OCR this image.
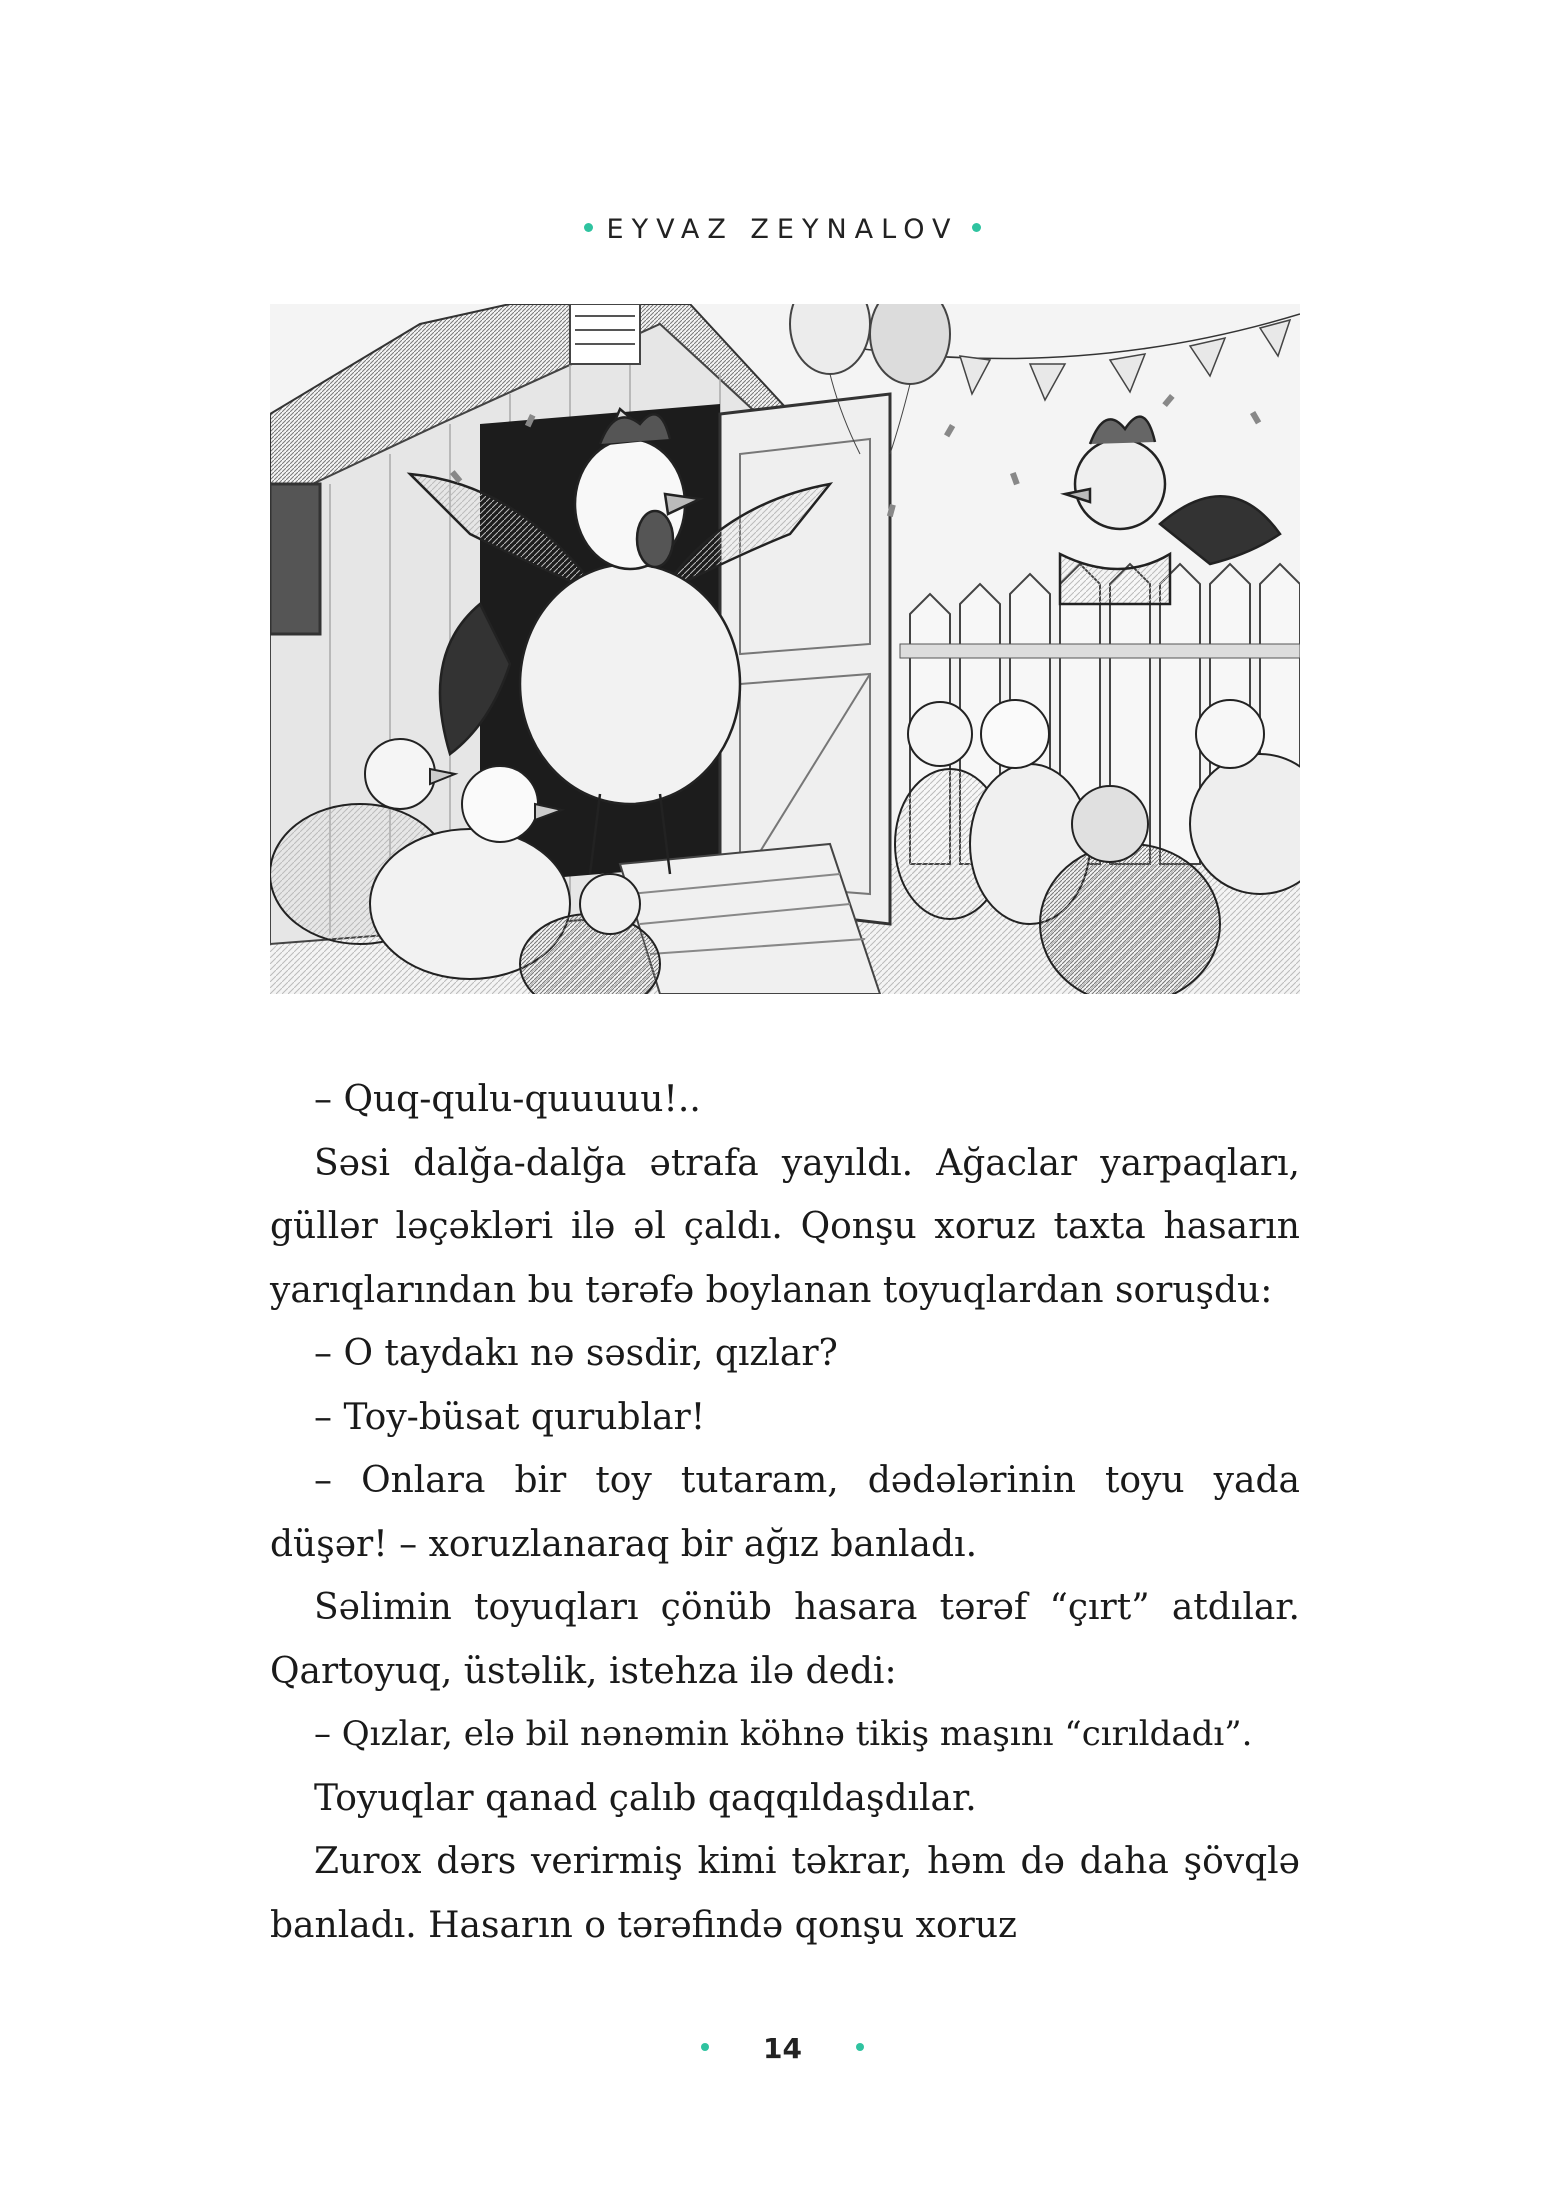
EYVAZ ZEYNALOV

– Quq-qulu-quuuuu!..

Səsi dalğa-dalğa ətrafa yayıldı. Ağaclar yarpaqları, güllər ləçəkləri ilə əl çaldı. Qonşu xoruz taxta hasarın yarıqlarından bu tərəfə boylanan toyuqlardan soruşdu:

– O taydakı nə səsdir, qızlar?

– Toy-büsat qurublar!

– Onlara bir toy tutaram, dədələrinin toyu yada düşər! – xoruzlanaraq bir ağız banladı.

Səlimin toyuqları çönüb hasara tərəf “çırt” atdılar. Qartoyuq, üstəlik, istehza ilə dedi:

– Qızlar, elə bil nənəmin köhnə tikiş maşını “cırıldadı”.

Toyuqlar qanad çalıb qaqqıldaşdılar.

Zurox dərs verirmiş kimi təkrar, həm də daha şövqlə banladı. Hasarın o tərəfində qonşu xoruz

14
